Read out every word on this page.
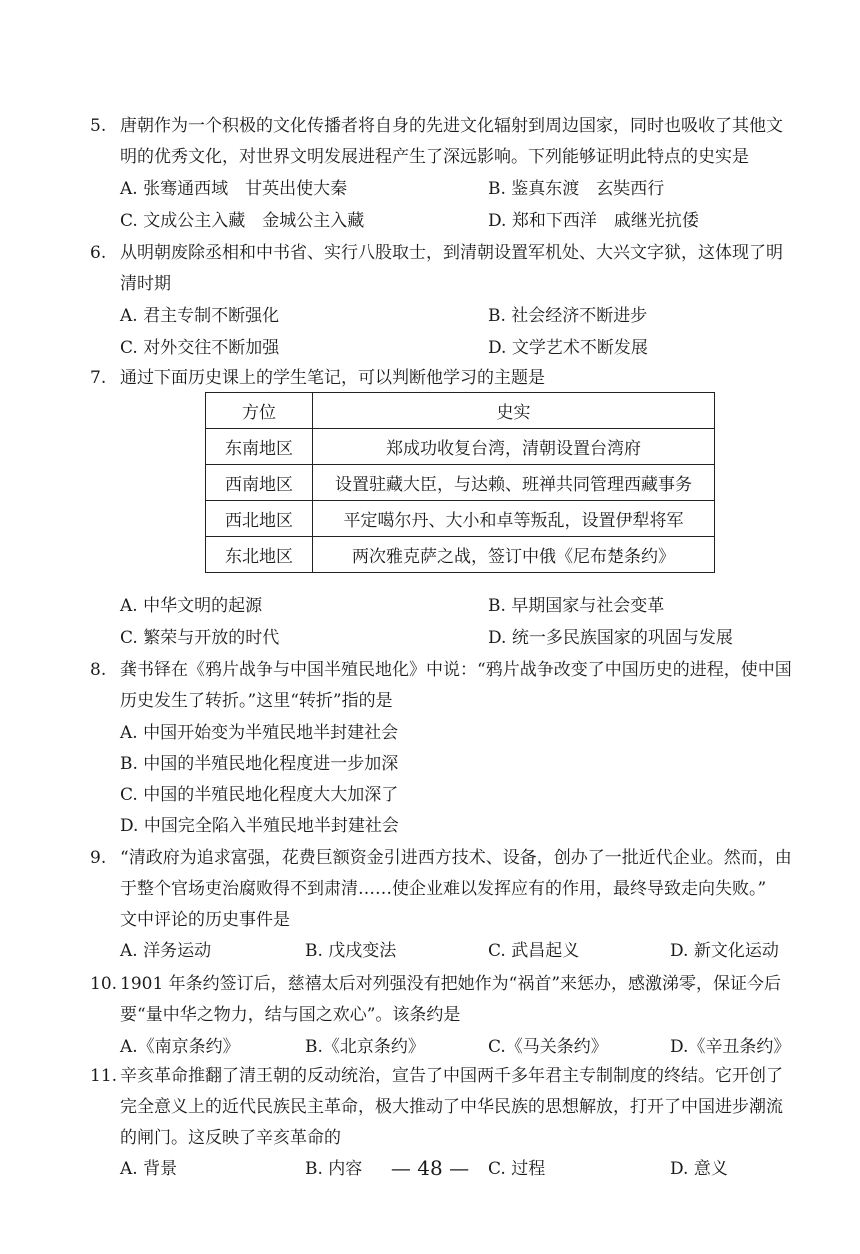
5. 唐朝作为一个积极的文化传播者将自身的先进文化辐射到周边国家，同时也吸收了其他文
明的优秀文化，对世界文明发展进程产生了深远影响。下列能够证明此特点的史实是
A. 张骞通西域　甘英出使大秦	B. 鉴真东渡　玄奘西行
C. 文成公主入藏　金城公主入藏	D. 郑和下西洋　戚继光抗倭
6. 从明朝废除丞相和中书省、实行八股取士，到清朝设置军机处、大兴文字狱，这体现了明
清时期
A. 君主专制不断强化	B. 社会经济不断进步
C. 对外交往不断加强	D. 文学艺术不断发展
7. 通过下面历史课上的学生笔记，可以判断他学习的主题是
方位	史实
东南地区	郑成功收复台湾，清朝设置台湾府
西南地区	设置驻藏大臣，与达赖、班禅共同管理西藏事务
西北地区	平定噶尔丹、大小和卓等叛乱，设置伊犁将军
东北地区	两次雅克萨之战，签订中俄《尼布楚条约》
A. 中华文明的起源	B. 早期国家与社会变革
C. 繁荣与开放的时代	D. 统一多民族国家的巩固与发展
8. 龚书铎在《鸦片战争与中国半殖民地化》中说：“鸦片战争改变了中国历史的进程，使中国
历史发生了转折。”这里“转折”指的是
A. 中国开始变为半殖民地半封建社会
B. 中国的半殖民地化程度进一步加深
C. 中国的半殖民地化程度大大加深了
D. 中国完全陷入半殖民地半封建社会
9. “清政府为追求富强，花费巨额资金引进西方技术、设备，创办了一批近代企业。然而，由
于整个官场吏治腐败得不到肃清……使企业难以发挥应有的作用，最终导致走向失败。”
文中评论的历史事件是
A. 洋务运动	B. 戊戌变法	C. 武昌起义	D. 新文化运动
10. 1901 年条约签订后，慈禧太后对列强没有把她作为“祸首”来惩办，感激涕零，保证今后
要“量中华之物力，结与国之欢心”。该条约是
A.《南京条约》	B.《北京条约》	C.《马关条约》	D.《辛丑条约》
11. 辛亥革命推翻了清王朝的反动统治，宣告了中国两千多年君主专制制度的终结。它开创了
完全意义上的近代民族民主革命，极大推动了中华民族的思想解放，打开了中国进步潮流
的闸门。这反映了辛亥革命的
A. 背景	B. 内容	C. 过程	D. 意义
— 48 —
